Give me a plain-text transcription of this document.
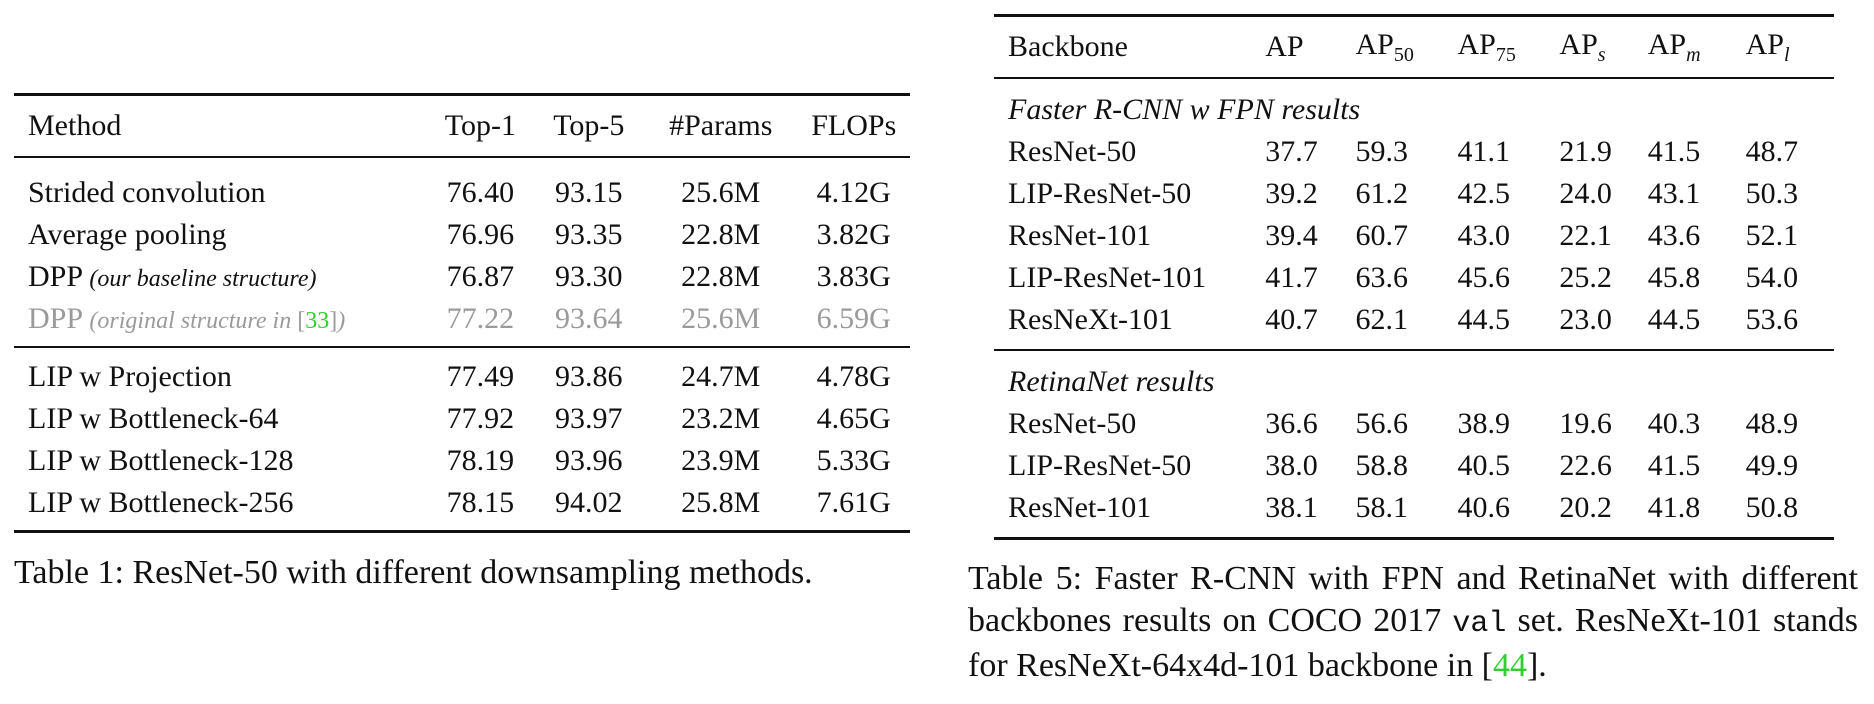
Method	Top-1	Top-5	#Params	FLOPs
Strided convolution	76.40	93.15	25.6M	4.12G
Average pooling	76.96	93.35	22.8M	3.82G
DPP (our baseline structure)	76.87	93.30	22.8M	3.83G
DPP (original structure in [33])	77.22	93.64	25.6M	6.59G
LIP w Projection	77.49	93.86	24.7M	4.78G
LIP w Bottleneck-64	77.92	93.97	23.2M	4.65G
LIP w Bottleneck-128	78.19	93.96	23.9M	5.33G
LIP w Bottleneck-256	78.15	94.02	25.8M	7.61G
Table 1: ResNet-50 with different downsampling methods.
Backbone	AP	$AP_{50}$	$AP_{75}$	$AP_s$	$AP_m$	$AP_l$
Faster R-CNN w FPN results						
ResNet-50	37.7	59.3	41.1	21.9	41.5	48.7
LIP-ResNet-50	39.2	61.2	42.5	24.0	43.1	50.3
ResNet-101	39.4	60.7	43.0	22.1	43.6	52.1
LIP-ResNet-101	41.7	63.6	45.6	25.2	45.8	54.0
ResNeXt-101	40.7	62.1	44.5	23.0	44.5	53.6
RetinaNet results						
ResNet-50	36.6	56.6	38.9	19.6	40.3	48.9
LIP-ResNet-50	38.0	58.8	40.5	22.6	41.5	49.9
ResNet-101	38.1	58.1	40.6	20.2	41.8	50.8
Table 5: Faster R-CNN with FPN and RetinaNet with different backbones results on COCO 2017 val set. ResNeXt-101 stands for ResNeXt-64x4d-101 backbone in [44].
